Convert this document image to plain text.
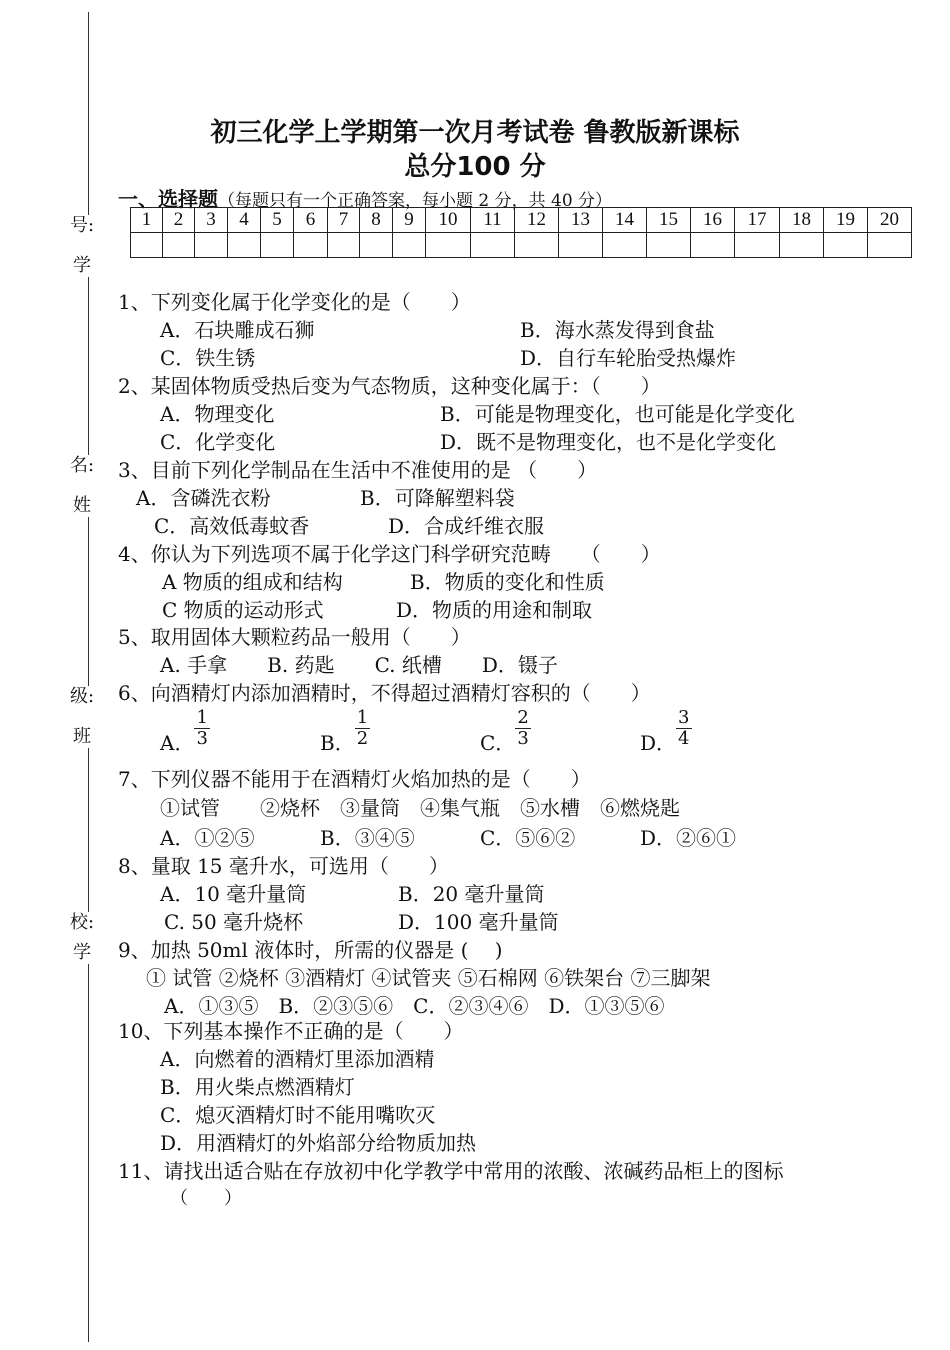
号:
学
名:
姓
级:
班
校:
学
初三化学上学期第一次月考试卷 鲁教版新课标
总分100 分
一、选择题（每题只有一个正确答案，每小题 2 分，共 40 分）
1	2	3	4	5	6	7	8	9	10	11	12	13	14	15	16	17	18	19	20

1、下列变化属于化学变化的是（　　）
A．石块雕成石狮	B．海水蒸发得到食盐
C．铁生锈	D．自行车轮胎受热爆炸
2、某固体物质受热后变为气态物质，这种变化属于：（　　）
A．物理变化	B．可能是物理变化，也可能是化学变化
C．化学变化	D．既不是物理变化，也不是化学变化
3、目前下列化学制品在生活中不准使用的是 （　　）
A．含磷洗衣粉	B．可降解塑料袋
C．高效低毒蚊香	D．合成纤维衣服
4、你认为下列选项不属于化学这门科学研究范畴　　（　　）
A 物质的组成和结构	B．物质的变化和性质
C 物质的运动形式	D．物质的用途和制取
5、取用固体大颗粒药品一般用（　　）
A. 手拿　　B. 药匙　　C. 纸槽　　D．镊子
6、向酒精灯内添加酒精时，不得超过酒精灯容积的（　　）
A． $\frac{1}{3}$	B． $\frac{1}{2}$	C． $\frac{2}{3}$	D． $\frac{3}{4}$
7、下列仪器不能用于在酒精灯火焰加热的是（　　）
①试管　　②烧杯　③量筒　④集气瓶　⑤水槽　⑥燃烧匙
A．①②⑤	B．③④⑤	C．⑤⑥②	D．②⑥①
8、量取 15 毫升水，可选用（　　）
A．10 毫升量筒	B．20 毫升量筒
C. 50 毫升烧杯	D．100 毫升量筒
9、加热 50ml 液体时，所需的仪器是 (　 )
① 试管 ②烧杯 ③酒精灯 ④试管夹 ⑤石棉网 ⑥铁架台 ⑦三脚架
A．①③⑤　B．②③⑤⑥　C．②③④⑥　D．①③⑤⑥
10、下列基本操作不正确的是（　　）
A．向燃着的酒精灯里添加酒精
B．用火柴点燃酒精灯
C．熄灭酒精灯时不能用嘴吹灭
D．用酒精灯的外焰部分给物质加热
11、请找出适合贴在存放初中化学教学中常用的浓酸、浓碱药品柜上的图标
（　　）
